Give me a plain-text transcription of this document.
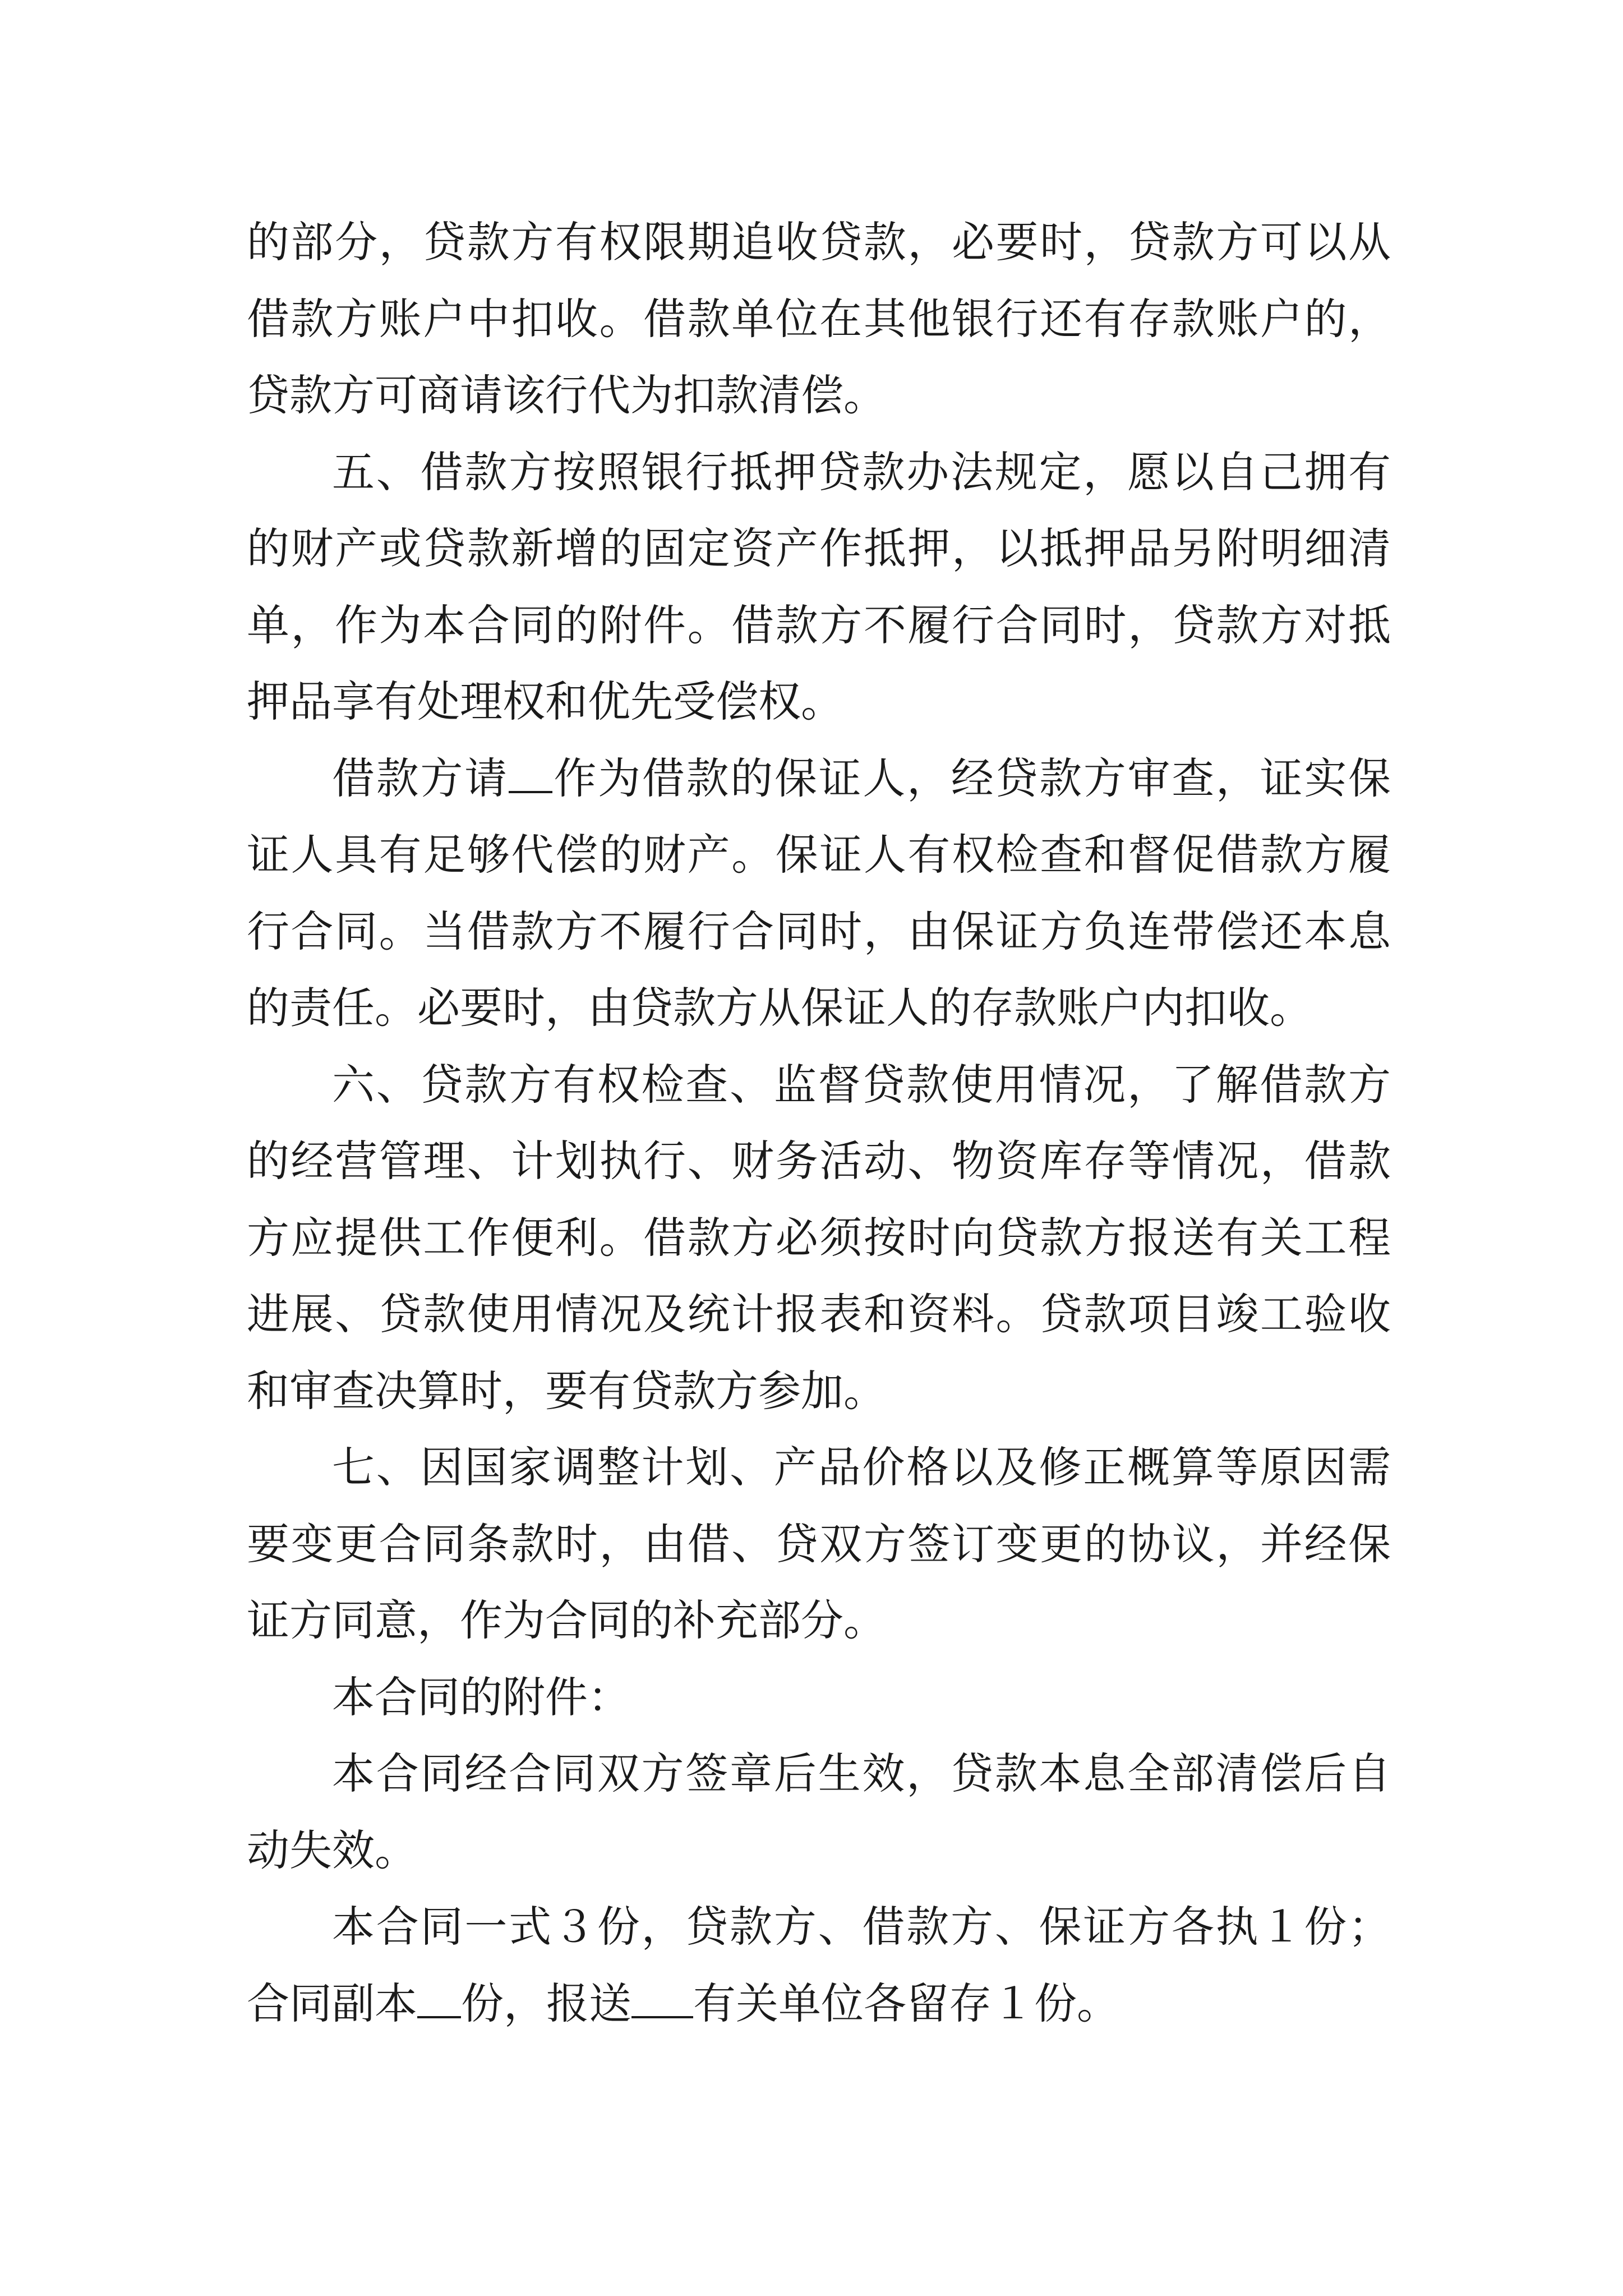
的部分，贷款方有权限期追收贷款，必要时，贷款方可以从借款方账户中扣收。借款单位在其他银行还有存款账户的，贷款方可商请该行代为扣款清偿。

五、借款方按照银行抵押贷款办法规定，愿以自己拥有的财产或贷款新增的固定资产作抵押，以抵押品另附明细清单，作为本合同的附件。借款方不履行合同时，贷款方对抵押品享有处理权和优先受偿权。

借款方请 作为借款的保证人，经贷款方审查，证实保证人具有足够代偿的财产。保证人有权检查和督促借款方履行合同。当借款方不履行合同时，由保证方负连带偿还本息的责任。必要时，由贷款方从保证人的存款账户内扣收。

六、贷款方有权检查、监督贷款使用情况，了解借款方的经营管理、计划执行、财务活动、物资库存等情况，借款方应提供工作便利。借款方必须按时向贷款方报送有关工程进展、贷款使用情况及统计报表和资料。贷款项目竣工验收和审查决算时，要有贷款方参加。

七、因国家调整计划、产品价格以及修正概算等原因需要变更合同条款时，由借、贷双方签订变更的协议，并经保证方同意，作为合同的补充部分。

本合同的附件：

本合同经合同双方签章后生效，贷款本息全部清偿后自动失效。

本合同一式３份，贷款方、借款方、保证方各执１份；合同副本 份，报送 有关单位各留存１份。
